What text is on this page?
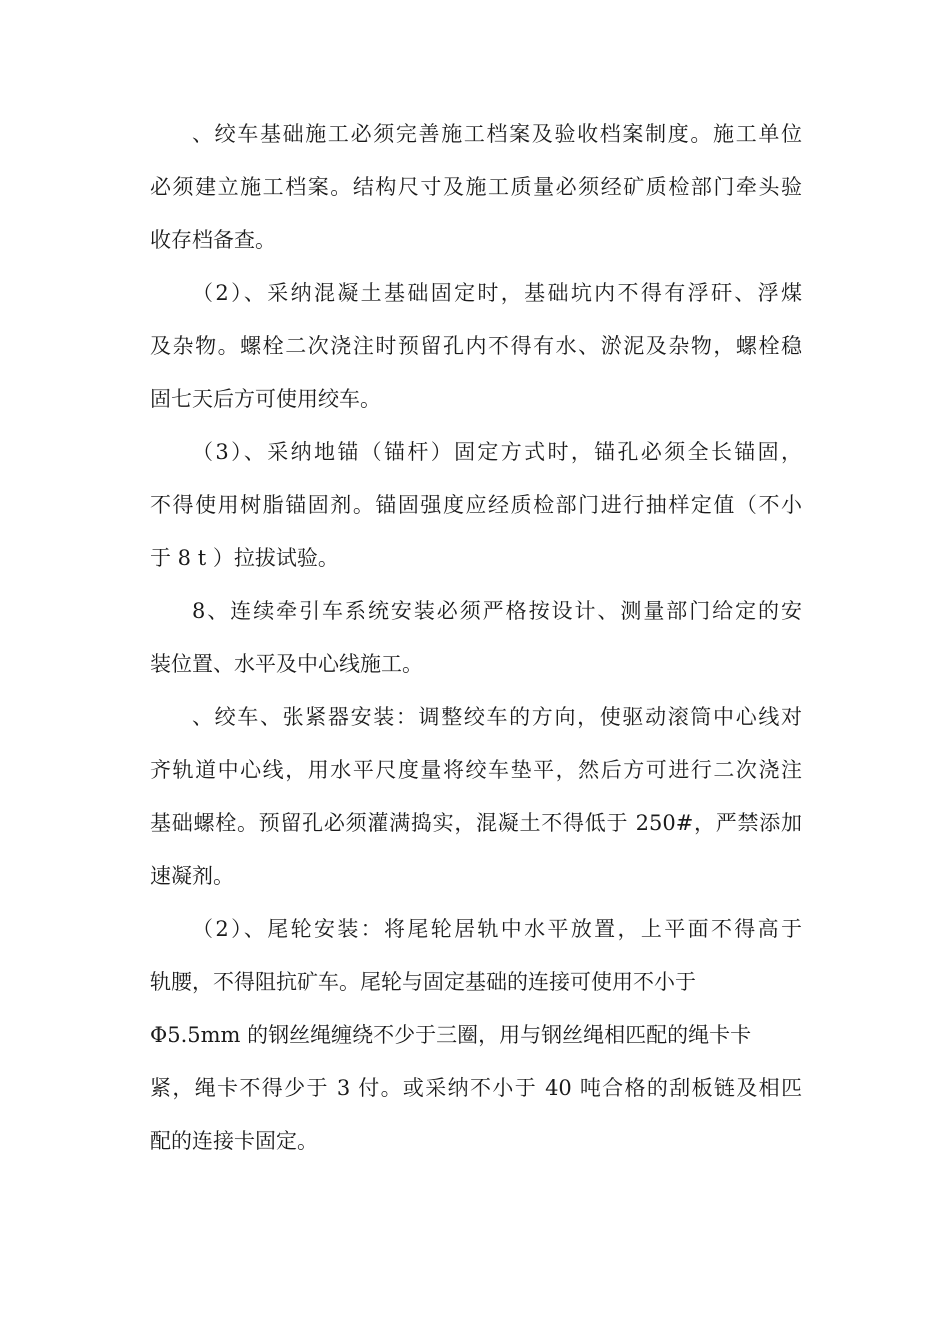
、绞车基础施工必须完善施工档案及验收档案制度。施工单位
必须建立施工档案。结构尺寸及施工质量必须经矿质检部门牵头验
收存档备查。
（2）、采纳混凝土基础固定时，基础坑内不得有浮矸、浮煤
及杂物。螺栓二次浇注时预留孔内不得有水、淤泥及杂物，螺栓稳
固七天后方可使用绞车。
（3）、采纳地锚（锚杆）固定方式时，锚孔必须全长锚固，
不得使用树脂锚固剂。锚固强度应经质检部门进行抽样定值（不小
于 8 t ）拉拔试验。
8、连续牵引车系统安装必须严格按设计、测量部门给定的安
装位置、水平及中心线施工。
、绞车、张紧器安装：调整绞车的方向，使驱动滚筒中心线对
齐轨道中心线，用水平尺度量将绞车垫平，然后方可进行二次浇注
基础螺栓。预留孔必须灌满捣实，混凝土不得低于 250#，严禁添加
速凝剂。
（2）、尾轮安装：将尾轮居轨中水平放置，上平面不得高于
轨腰，不得阻抗矿车。尾轮与固定基础的连接可使用不小于
Φ5.5mm 的钢丝绳缠绕不少于三圈，用与钢丝绳相匹配的绳卡卡
紧，绳卡不得少于 3 付。或采纳不小于 40 吨合格的刮板链及相匹
配的连接卡固定。
